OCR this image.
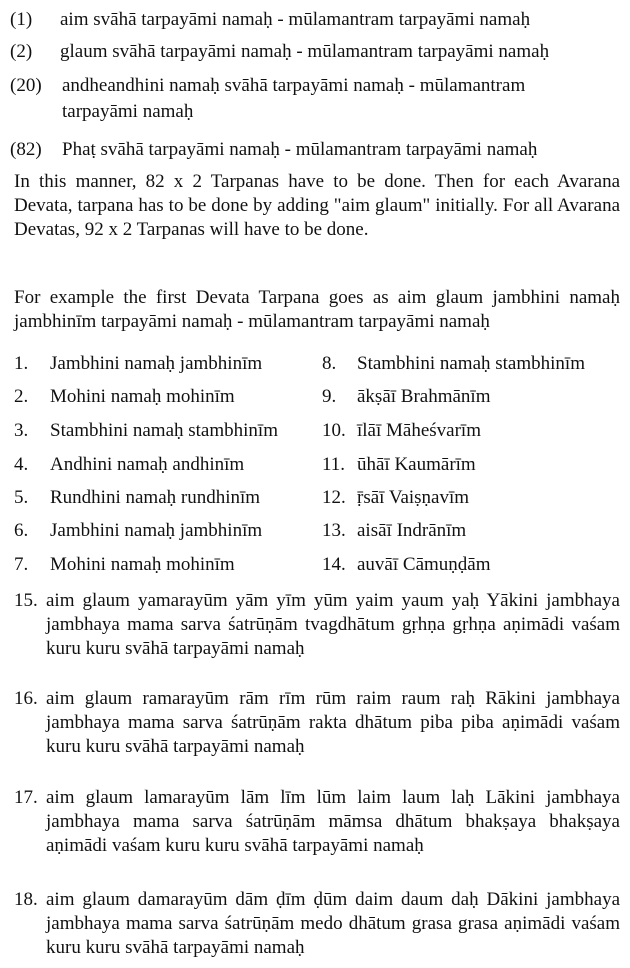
(1) aim svāhā tarpayāmi namaḥ - mūlamantram tarpayāmi namaḥ
(2) glaum svāhā tarpayāmi namaḥ - mūlamantram tarpayāmi namaḥ
(20) andheandhini namaḥ svāhā tarpayāmi namaḥ - mūlamantram
tarpayāmi namaḥ
(82) Phaṭ svāhā tarpayāmi namaḥ - mūlamantram tarpayāmi namaḥ
In this manner, 82 x 2 Tarpanas have to be done. Then for each Avarana Devata, tarpana has to be done by adding "aim glaum" initially. For all Avarana Devatas, 92 x 2 Tarpanas will have to be done.
For example the first Devata Tarpana goes as aim glaum jambhini namaḥ jambhinīm tarpayāmi namaḥ - mūlamantram tarpayāmi namaḥ
1. Jambhini namaḥ jambhinīm
2. Mohini namaḥ mohinīm
3. Stambhini namaḥ stambhinīm
4. Andhini namaḥ andhinīm
5. Rundhini namaḥ rundhinīm
6. Jambhini namaḥ jambhinīm
7. Mohini namaḥ mohinīm
8. Stambhini namaḥ stambhinīm
9. ākṣāī Brahmānīm
10. īlāī Māheśvarīm
11. ūhāī Kaumārīm
12. ṝsāī Vaiṣṇavīm
13. aisāī Indrānīm
14. auvāī Cāmuṇḍām
15. aim glaum yamarayūm yām yīm yūm yaim yaum yaḥ Yākini jambhaya jambhaya mama sarva śatrūṇām tvagdhātum gṛhṇa gṛhṇa aṇimādi vaśam kuru kuru svāhā tarpayāmi namaḥ
16. aim glaum ramarayūm rām rīm rūm raim raum raḥ Rākini jambhaya jambhaya mama sarva śatrūṇām rakta dhātum piba piba aṇimādi vaśam kuru kuru svāhā tarpayāmi namaḥ
17. aim glaum lamarayūm lām līm lūm laim laum laḥ Lākini jambhaya jambhaya mama sarva śatrūṇām māmsa dhātum bhakṣaya bhakṣaya aṇimādi vaśam kuru kuru svāhā tarpayāmi namaḥ
18. aim glaum damarayūm dām ḍīm ḍūm daim daum daḥ Dākini jambhaya jambhaya mama sarva śatrūṇām medo dhātum grasa grasa aṇimādi vaśam kuru kuru svāhā tarpayāmi namaḥ
